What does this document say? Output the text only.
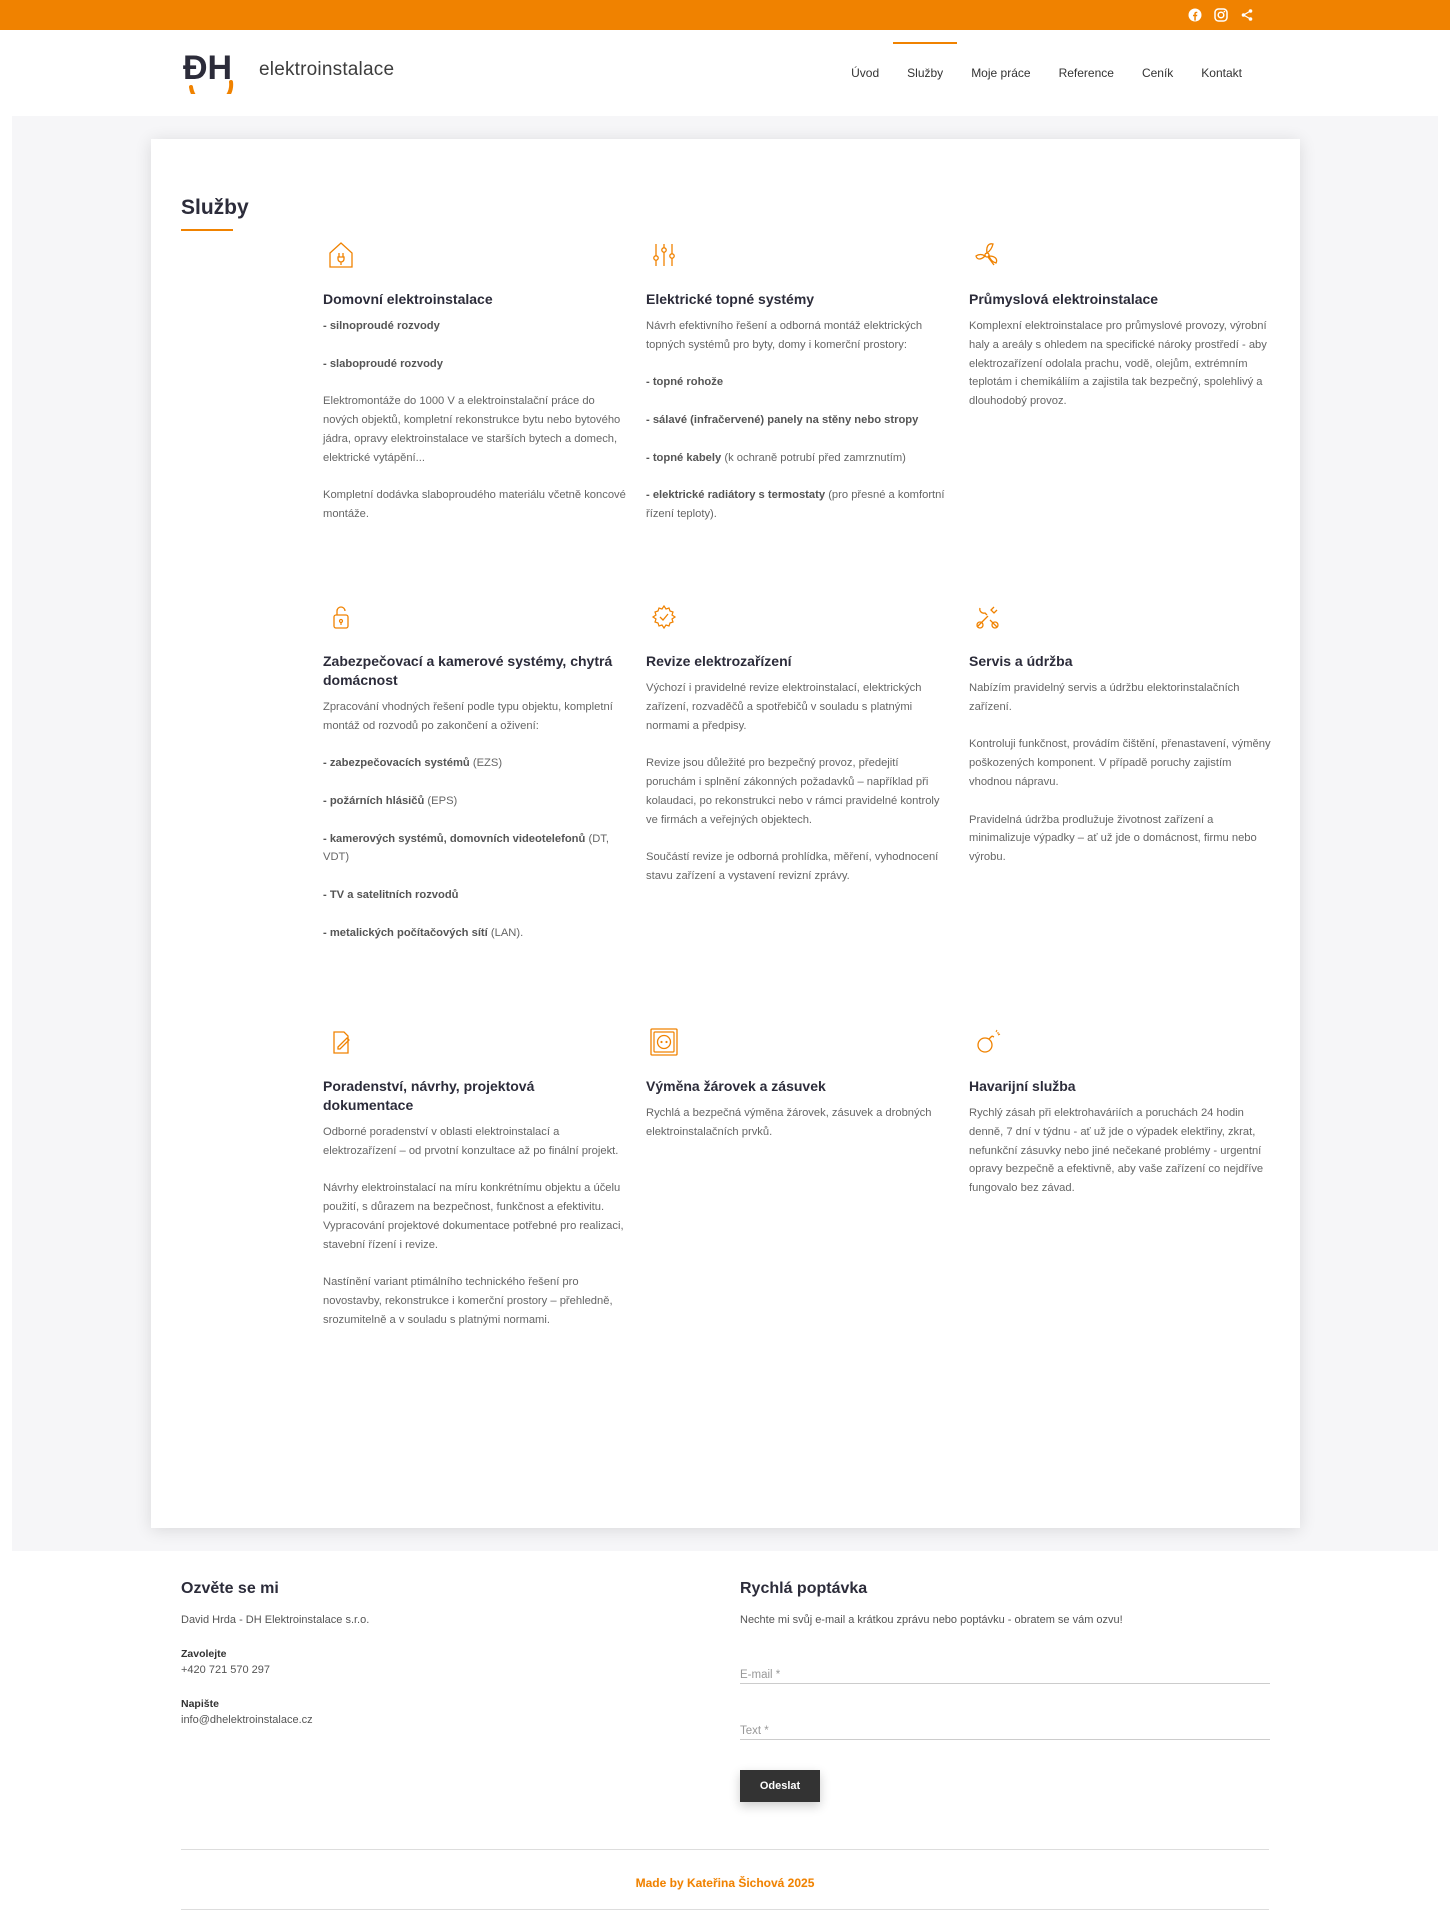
ĐH elektroinstalace	Úvod	Služby	Moje práce	Reference	Ceník	Kontakt
Služby
Domovní elektroinstalace

- silnoproudé rozvody

- slaboproudé rozvody

Elektromontáže do 1000 V a elektroinstalační práce do nových objektů, kompletní rekonstrukce bytu nebo bytového jádra, opravy elektroinstalace ve starších bytech a domech, elektrické vytápění...

Kompletní dodávka slaboproudého materiálu včetně koncové montáže.

Elektrické topné systémy

Návrh efektivního řešení a odborná montáž elektrických topných systémů pro byty, domy i komerční prostory:

- topné rohože

- sálavé (infračervené) panely na stěny nebo stropy

- topné kabely (k ochraně potrubí před zamrznutím)

- elektrické radiátory s termostaty (pro přesné a komfortní řízení teploty).

Průmyslová elektroinstalace

Komplexní elektroinstalace pro průmyslové provozy, výrobní haly a areály s ohledem na specifické nároky prostředí - aby elektrozařízení odolala prachu, vodě, olejům, extrémním teplotám i chemikáliím a zajistila tak bezpečný, spolehlivý a dlouhodobý provoz.

Zabezpečovací a kamerové systémy, chytrá domácnost

Zpracování vhodných řešení podle typu objektu, kompletní montáž od rozvodů po zakončení a oživení:

- zabezpečovacích systémů (EZS)

- požárních hlásičů (EPS)

- kamerových systémů, domovních videotelefonů (DT, VDT)

- TV a satelitních rozvodů

- metalických počítačových sítí (LAN).

Revize elektrozařízení

Výchozí i pravidelné revize elektroinstalací, elektrických zařízení, rozvaděčů a spotřebičů v souladu s platnými normami a předpisy.

Revize jsou důležité pro bezpečný provoz, předejití poruchám i splnění zákonných požadavků – například při kolaudaci, po rekonstrukci nebo v rámci pravidelné kontroly ve firmách a veřejných objektech.

Součástí revize je odborná prohlídka, měření, vyhodnocení stavu zařízení a vystavení revizní zprávy.

Servis a údržba

Nabízím pravidelný servis a údržbu elektorinstalačních zařízení.

Kontroluji funkčnost, provádím čištění, přenastavení, výměny poškozených komponent. V případě poruchy zajistím vhodnou nápravu.

Pravidelná údržba prodlužuje životnost zařízení a minimalizuje výpadky – ať už jde o domácnost, firmu nebo výrobu.

Poradenství, návrhy, projektová dokumentace

Odborné poradenství v oblasti elektroinstalací a elektrozařízení – od prvotní konzultace až po finální projekt.

Návrhy elektroinstalací na míru konkrétnímu objektu a účelu použití, s důrazem na bezpečnost, funkčnost a efektivitu. Vypracování projektové dokumentace potřebné pro realizaci, stavební řízení i revize.

Nastínění variant ptimálního technického řešení pro novostavby, rekonstrukce i komerční prostory – přehledně, srozumitelně a v souladu s platnými normami.

Výměna žárovek a zásuvek

Rychlá a bezpečná výměna žárovek, zásuvek a drobných elektroinstalačních prvků.

Havarijní služba

Rychlý zásah při elektrohavárіích a poruchách 24 hodin denně, 7 dní v týdnu - ať už jde o výpadek elektřiny, zkrat, nefunkční zásuvky nebo jiné nečekané problémy - urgentní opravy bezpečně a efektivně, aby vaše zařízení co nejdříve fungovalo bez závad.

Ozvěte se mi
David Hrda - DH Elektroinstalace s.r.o.
Zavolejte
+420 721 570 297
Napište
info@dhelektroinstalace.cz
Rychlá poptávka
Nechte mi svůj e-mail a krátkou zprávu nebo poptávku - obratem se vám ozvu!
E-mail *
Text *
Odeslat
Made by Kateřina Šichová 2025
